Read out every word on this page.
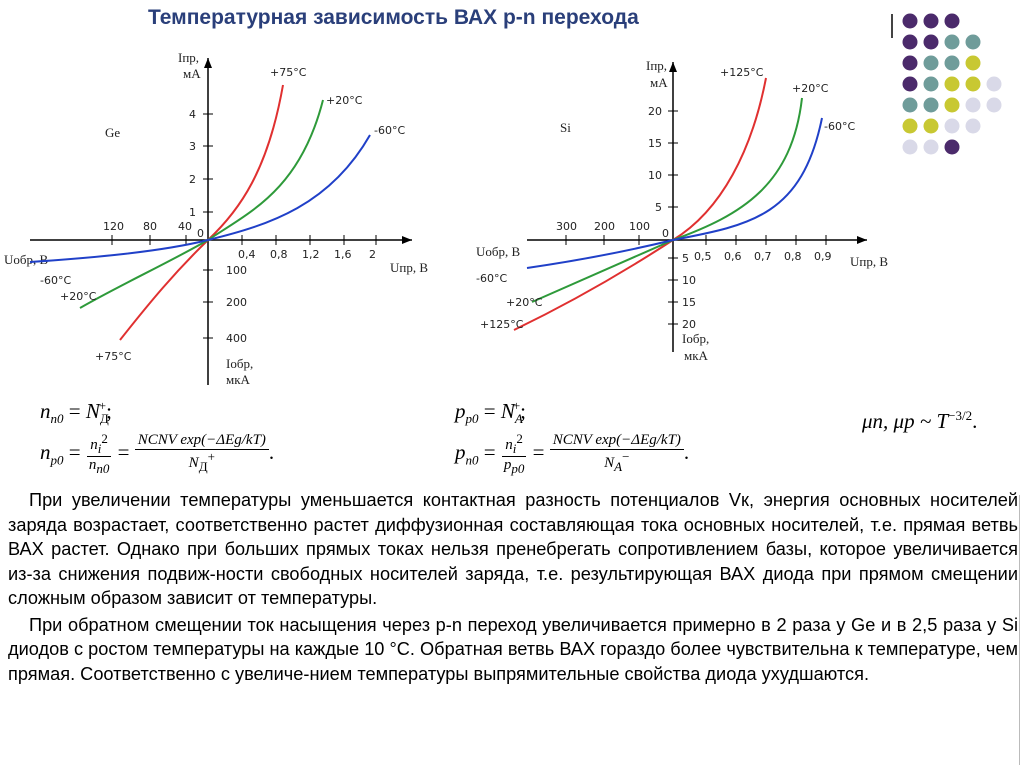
Температурная зависимость ВАХ p-n перехода
0,4 0,8 1,2 1,6 2
120 80 40
1
2
3
4
100
200
400
0
Iпр,
мА
Iобр,
мкА
Uпр, В
Uобр, В
Ge
+75°С
+20°С
-60°С
-60°С
+20°С
+75°С
0,5 0,6 0,7 0,8 0,9
300 200 100
5
10
15
20
5
10
15
20
0
Iпр,
мА
Iобр,
мкА
Uпр, В
Uобр, В
Si
+125°С
+20°С
-60°С
-60°С
+20°С
+125°С
$n_{n0} = N_Д^+$;
$n_{p0} = \frac{n_i^2}{n_{n0}} = \frac{\text{NCNV exp(−ΔEg/kT)}}{N_Д^+}$ .
$p_{p0} = N_A^+$;
$p_{n0} = \frac{n_i^2}{p_{p0}} = \frac{\text{NCNV exp(−ΔEg/kT)}}{N_A^-}$ .
μn, μp ~ $T^{-3/2}$.

При увеличении температуры уменьшается контактная разность потенциалов Vк, энергия основных носителей заряда возрастает, соответственно растет диффузионная составляющая тока основных носителей, т.е. прямая ветвь ВАХ растет. Однако при больших прямых токах нельзя пренебрегать сопротивлением базы, которое увеличивается из-за снижения подвиж-ности свободных носителей заряда, т.е. результирующая ВАХ диода при прямом смещении сложным образом зависит от температуры.

При обратном смещении ток насыщения через p-n переход увеличивается примерно в 2 раза у Ge и в 2,5 раза у Si диодов с ростом температуры на каждые 10 °С. Обратная ветвь ВАХ гораздо более чувствительна к температуре, чем прямая. Соответственно с увеличе-нием температуры выпрямительные свойства диода ухудшаются.
